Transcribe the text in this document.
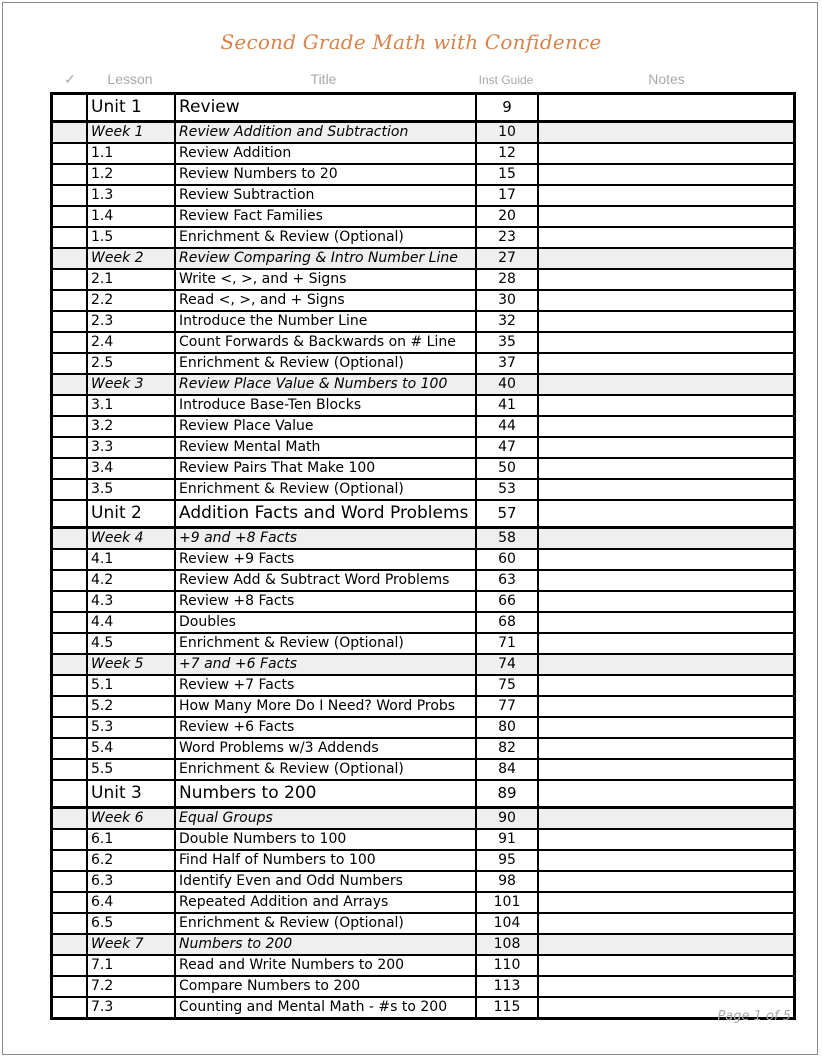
Second Grade Math with Confidence
✓	Lesson	Title	Inst Guide	Notes
	Unit 1	Review	9	
	Week 1	Review Addition and Subtraction	10	
	1.1	Review Addition	12	
	1.2	Review Numbers to 20	15	
	1.3	Review Subtraction	17	
	1.4	Review Fact Families	20	
	1.5	Enrichment & Review (Optional)	23	
	Week 2	Review Comparing & Intro Number Line	27	
	2.1	Write <, >, and + Signs	28	
	2.2	Read <, >, and + Signs	30	
	2.3	Introduce the Number Line	32	
	2.4	Count Forwards & Backwards on # Line	35	
	2.5	Enrichment & Review (Optional)	37	
	Week 3	Review Place Value & Numbers to 100	40	
	3.1	Introduce Base-Ten Blocks	41	
	3.2	Review Place Value	44	
	3.3	Review Mental Math	47	
	3.4	Review Pairs That Make 100	50	
	3.5	Enrichment & Review (Optional)	53	
	Unit 2	Addition Facts and Word Problems	57	
	Week 4	+9 and +8 Facts	58	
	4.1	Review +9 Facts	60	
	4.2	Review Add & Subtract Word Problems	63	
	4.3	Review +8 Facts	66	
	4.4	Doubles	68	
	4.5	Enrichment & Review (Optional)	71	
	Week 5	+7 and +6 Facts	74	
	5.1	Review +7 Facts	75	
	5.2	How Many More Do I Need? Word Probs	77	
	5.3	Review +6 Facts	80	
	5.4	Word Problems w/3 Addends	82	
	5.5	Enrichment & Review (Optional)	84	
	Unit 3	Numbers to 200	89	
	Week 6	Equal Groups	90	
	6.1	Double Numbers to 100	91	
	6.2	Find Half of Numbers to 100	95	
	6.3	Identify Even and Odd Numbers	98	
	6.4	Repeated Addition and Arrays	101	
	6.5	Enrichment & Review (Optional)	104	
	Week 7	Numbers to 200	108	
	7.1	Read and Write Numbers to 200	110	
	7.2	Compare Numbers to 200	113	
	7.3	Counting and Mental Math - #s to 200	115	
Page 1 of 5
